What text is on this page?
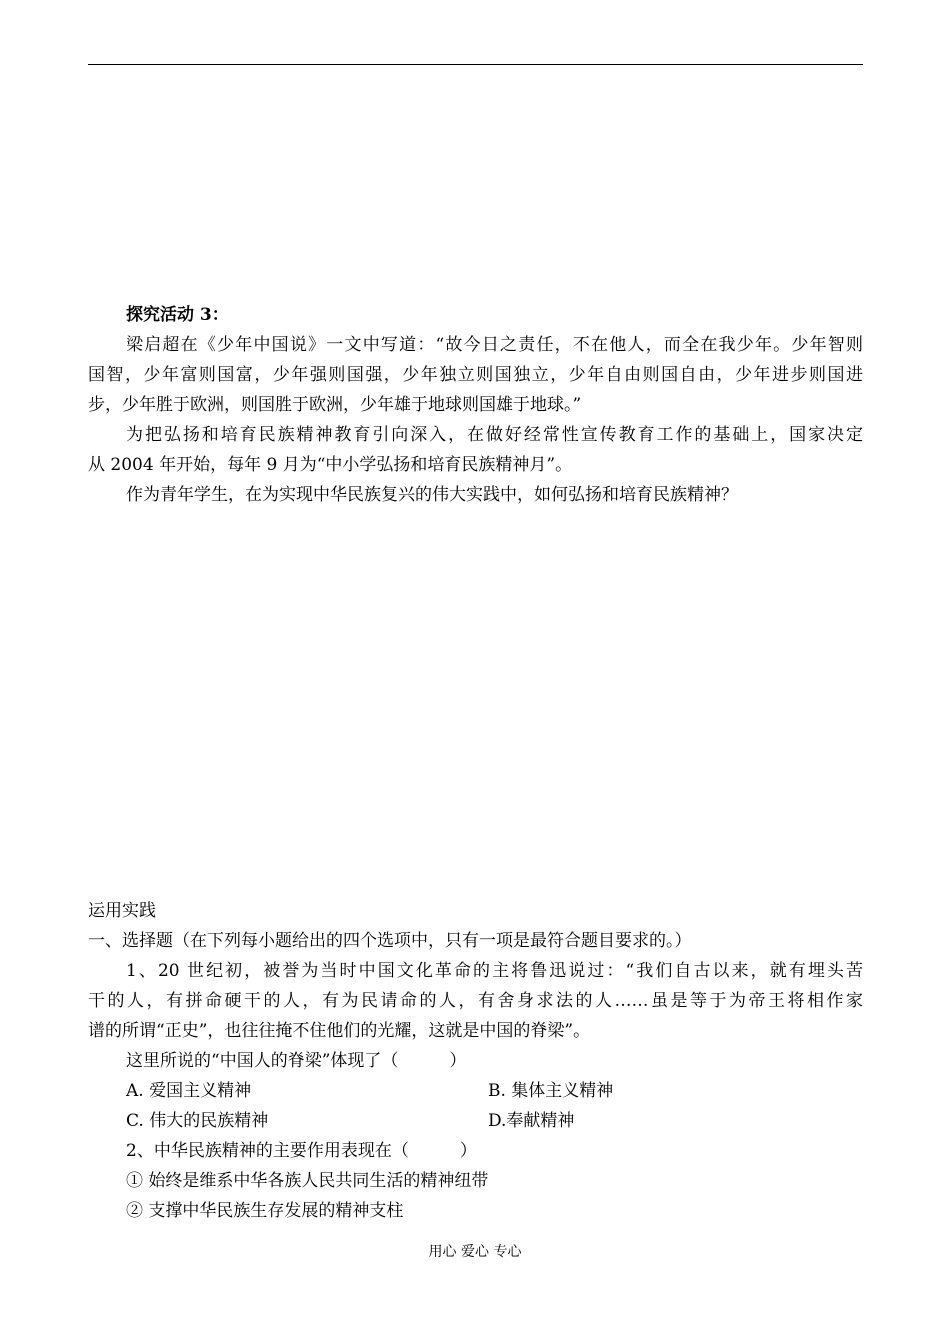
探究活动 3：
梁启超在《少年中国说》一文中写道：“故今日之责任，不在他人，而全在我少年。少年智则
国智，少年富则国富，少年强则国强，少年独立则国独立，少年自由则国自由，少年进步则国进
步，少年胜于欧洲，则国胜于欧洲，少年雄于地球则国雄于地球。”
为把弘扬和培育民族精神教育引向深入，在做好经常性宣传教育工作的基础上，国家决定
从 2004 年开始，每年 9 月为“中小学弘扬和培育民族精神月”。
作为青年学生，在为实现中华民族复兴的伟大实践中，如何弘扬和培育民族精神？
运用实践
一、选择题（在下列每小题给出的四个选项中，只有一项是最符合题目要求的。）
1、20 世纪初，被誉为当时中国文化革命的主将鲁迅说过：“我们自古以来，就有埋头苦
干的人，有拼命硬干的人，有为民请命的人，有舍身求法的人……虽是等于为帝王将相作家
谱的所谓“正史”，也往往掩不住他们的光耀，这就是中国的脊梁”。
这里所说的“中国人的脊梁”体现了（　　　）
A. 爱国主义精神	B. 集体主义精神
C. 伟大的民族精神	D.奉献精神
2、中华民族精神的主要作用表现在（　　　）
① 始终是维系中华各族人民共同生活的精神纽带
② 支撑中华民族生存发展的精神支柱
用心 爱心 专心
